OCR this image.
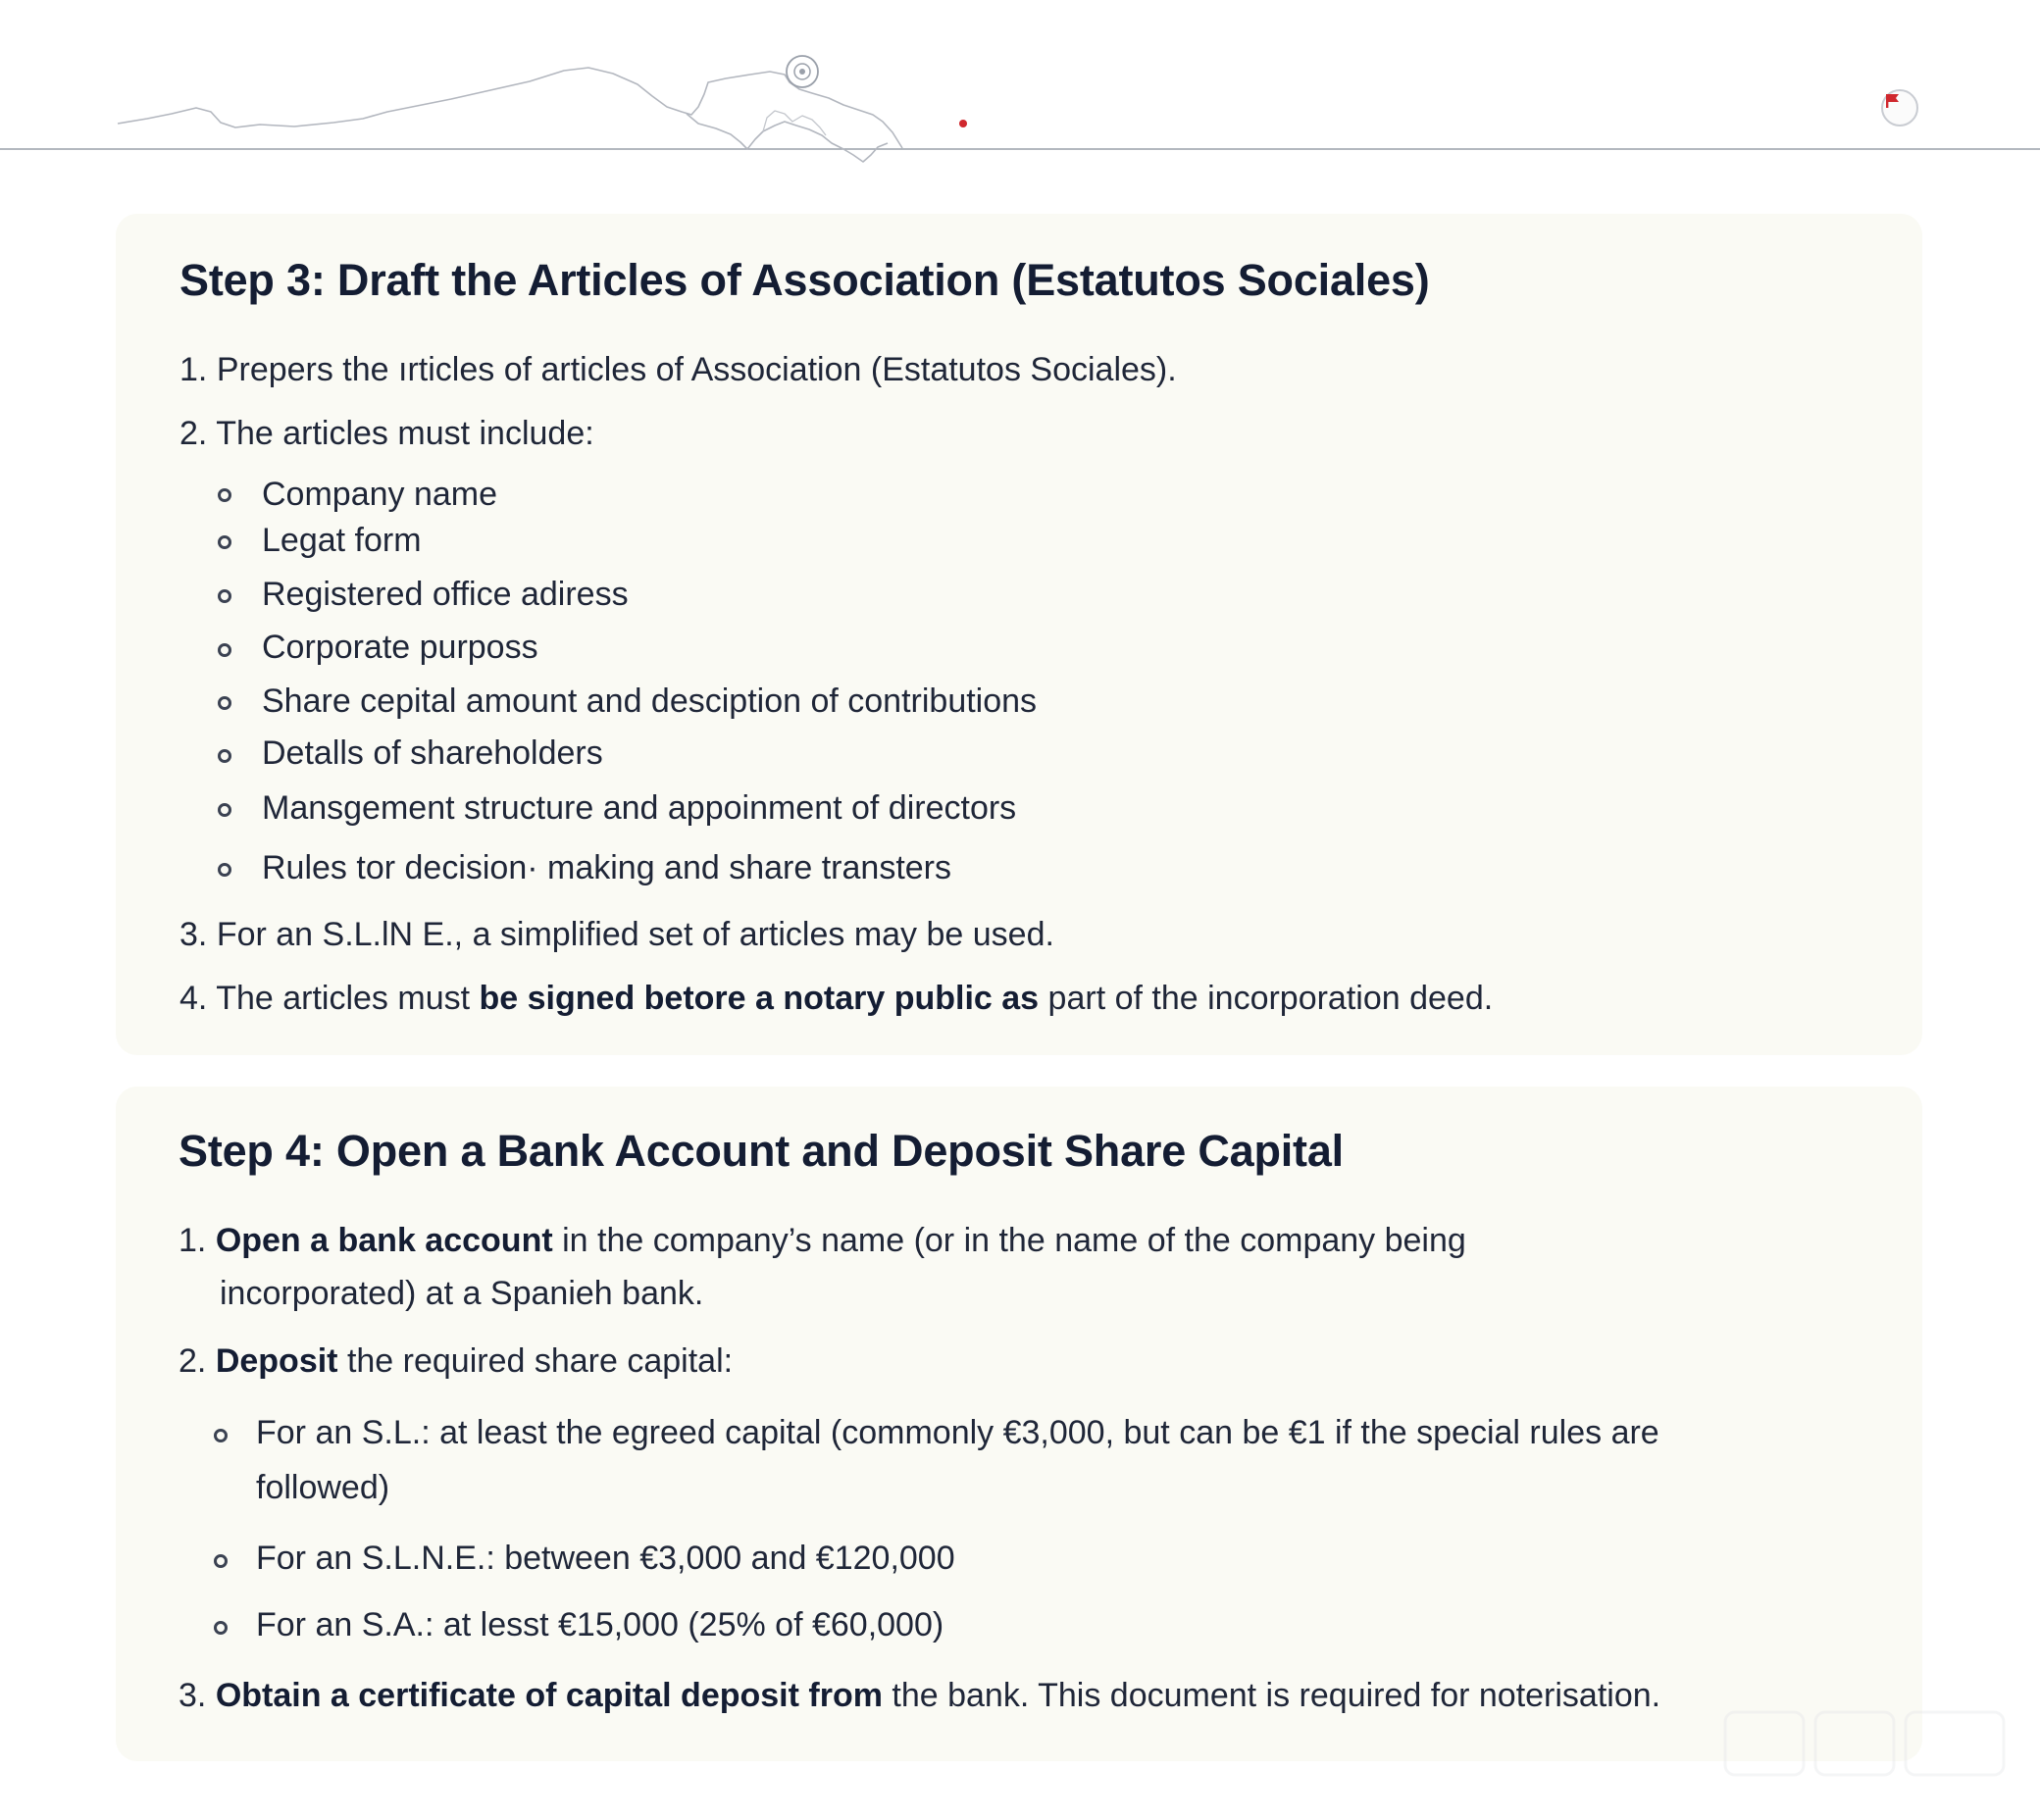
Step 3: Draft the Articles of Association (Estatutos Sociales)
1. Prepers the ırticles of articles of Association (Estatutos Sociales).
2. The articles must include:
Company name
Legat form
Registered office adiress
Corporate purposs
Share cepital amount and desciption of contributions
Detalls of shareholders
Mansgement structure and appoinment of directors
Rules tor decision· making and share transters
3. For an S.L.lN E., a simplified set of articles may be used.
4. The articles must be signed betore a notary public as part of the incorporation deed.
Step 4: Open a Bank Account and Deposit Share Capital
1. Open a bank account in the company’s name (or in the name of the company being
incorporated) at a Spanieh bank.
2. Deposit the required share capital:
For an S.L.: at least the egreed capital (commonly €3,000, but can be €1 if the special rules are
followed)
For an S.L.N.E.: between €3,000 and €120,000
For an S.A.: at lesst €15,000 (25% of €60,000)
3. Obtain a certificate of capital deposit from the bank. This document is required for noterisation.
